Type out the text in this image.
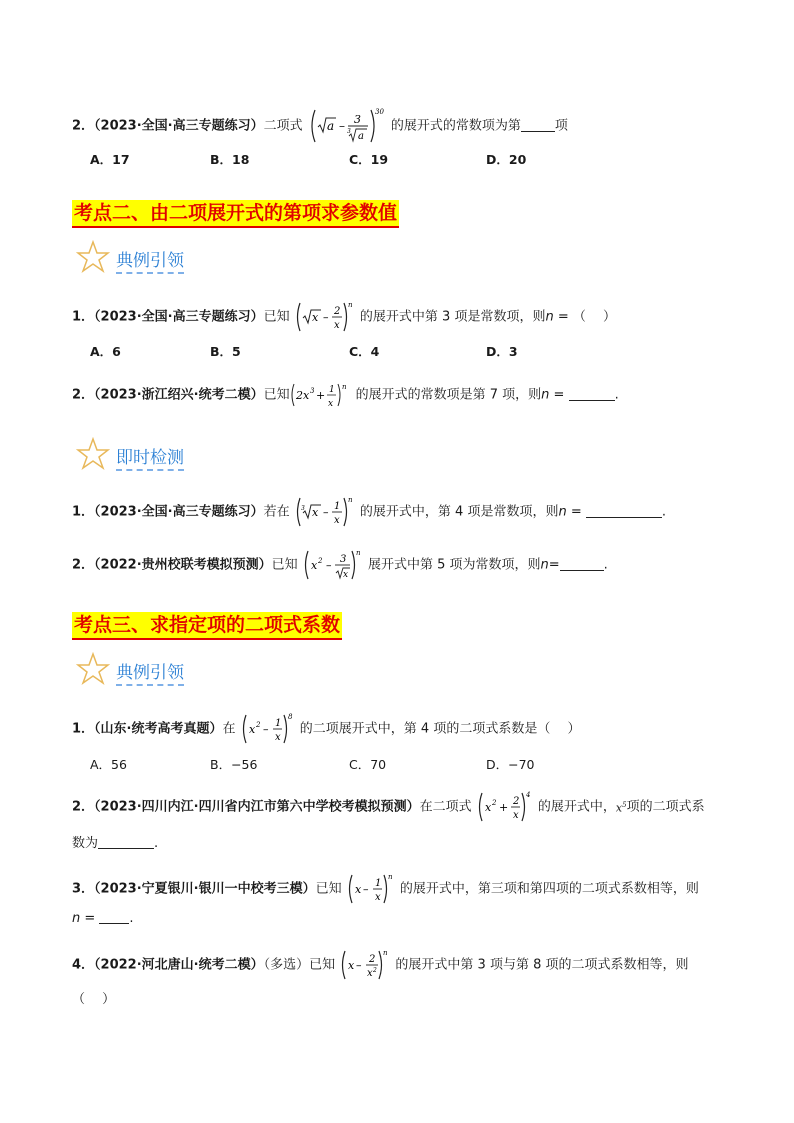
2．（2023·全国·高三专题练习）二项式 a – 3
3 a
30
的展开式的常数项为第	项
A．17	B．18	C．19	D．20
考点二、由二项展开式的第项求参数值
典例引领
1．（2023·全国·高三专题练习）已知 x – 2
x
n
的展开式中第 3 项是常数项，则n = （　 ）
A．6	B．5	C．4	D．3
2．（2023·浙江绍兴·统考二模）已知 2 x 3 + 1
x
n
的展开式的常数项是第 7 项，则n =	.
即时检测
1．（2023·全国·高三专题练习）若在 3 x – 1
x
n
的展开式中，第 4 项是常数项，则n =	.
2．（2022·贵州校联考模拟预测）已知 x 2 – 3
x
n
展开式中第 5 项为常数项，则n=	.
考点三、求指定项的二项式系数
典例引领
1．（山东·统考高考真题）在 x 2 – 1
x
8
的二项展开式中，第 4 项的二项式系数是（　 ）
A．56	B．−56	C．70	D．−70
2．（2023·四川内江·四川省内江市第六中学校考模拟预测）在二项式 x 2 + 2
x
4
的展开式中，$x^5$项的二项式系
数为	.
3．（2023·宁夏银川·银川一中校考三模）已知 x – 1
x
n
的展开式中，第三项和第四项的二项式系数相等，则
n = .
4．（2022·河北唐山·统考二模）（多选）已知 x – 2
x 2
n
的展开式中第 3 项与第 8 项的二项式系数相等，则
（　 ）
